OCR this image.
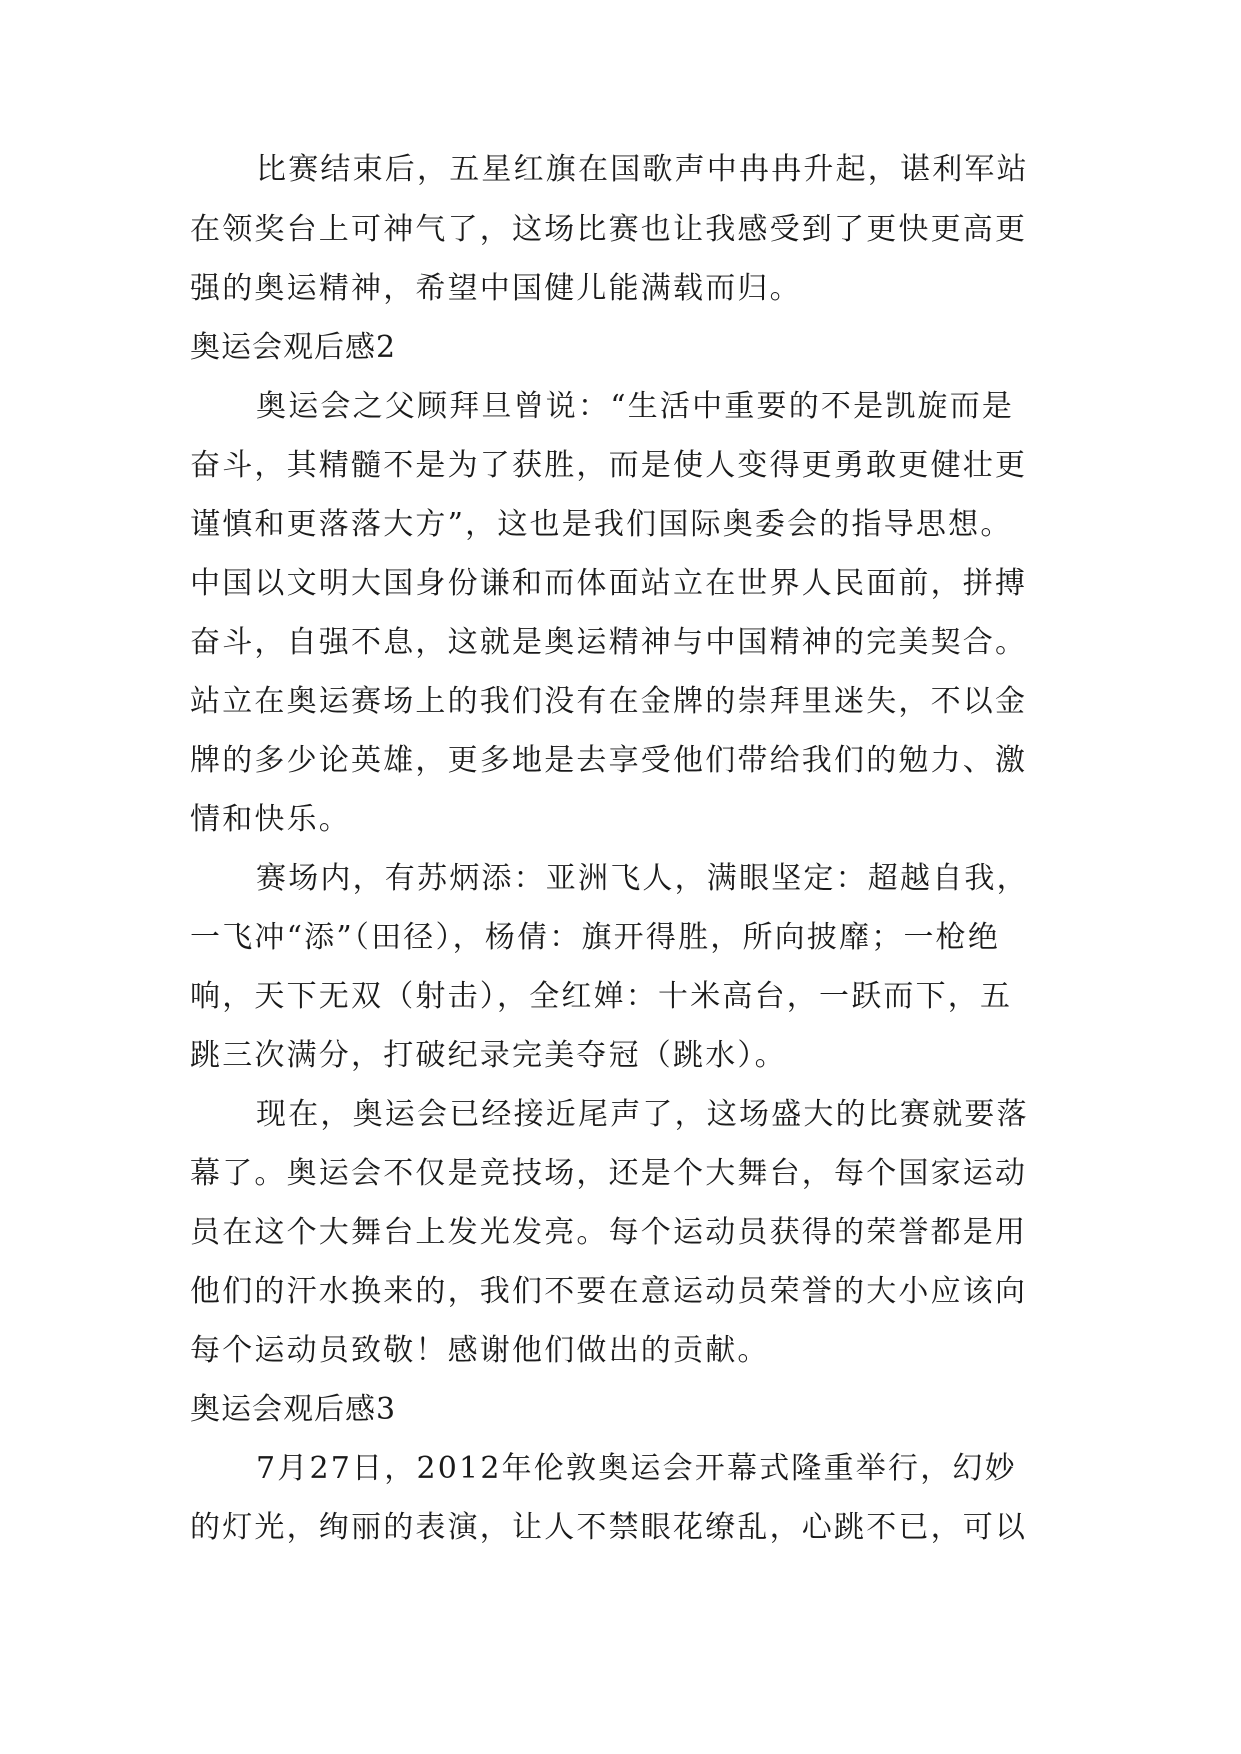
比赛结束后，五星红旗在国歌声中冉冉升起，谌利军站
在领奖台上可神气了，这场比赛也让我感受到了更快更高更
强的奥运精神，希望中国健儿能满载而归。
奥运会观后感2
奥运会之父顾拜旦曾说：“生活中重要的不是凯旋而是
奋斗，其精髓不是为了获胜，而是使人变得更勇敢更健壮更
谨慎和更落落大方”，这也是我们国际奥委会的指导思想。
中国以文明大国身份谦和而体面站立在世界人民面前，拼搏
奋斗，自强不息，这就是奥运精神与中国精神的完美契合。
站立在奥运赛场上的我们没有在金牌的崇拜里迷失，不以金
牌的多少论英雄，更多地是去享受他们带给我们的勉力、激
情和快乐。
赛场内，有苏炳添：亚洲飞人，满眼坚定：超越自我，
一飞冲“添”（田径），杨倩：旗开得胜，所向披靡；一枪绝
响，天下无双（射击），全红婵：十米高台，一跃而下，五
跳三次满分，打破纪录完美夺冠（跳水）。
现在，奥运会已经接近尾声了，这场盛大的比赛就要落
幕了。奥运会不仅是竞技场，还是个大舞台，每个国家运动
员在这个大舞台上发光发亮。每个运动员获得的荣誉都是用
他们的汗水换来的，我们不要在意运动员荣誉的大小应该向
每个运动员致敬！感谢他们做出的贡献。
奥运会观后感3
7月27日，2012年伦敦奥运会开幕式隆重举行，幻妙
的灯光，绚丽的表演，让人不禁眼花缭乱，心跳不已，可以
